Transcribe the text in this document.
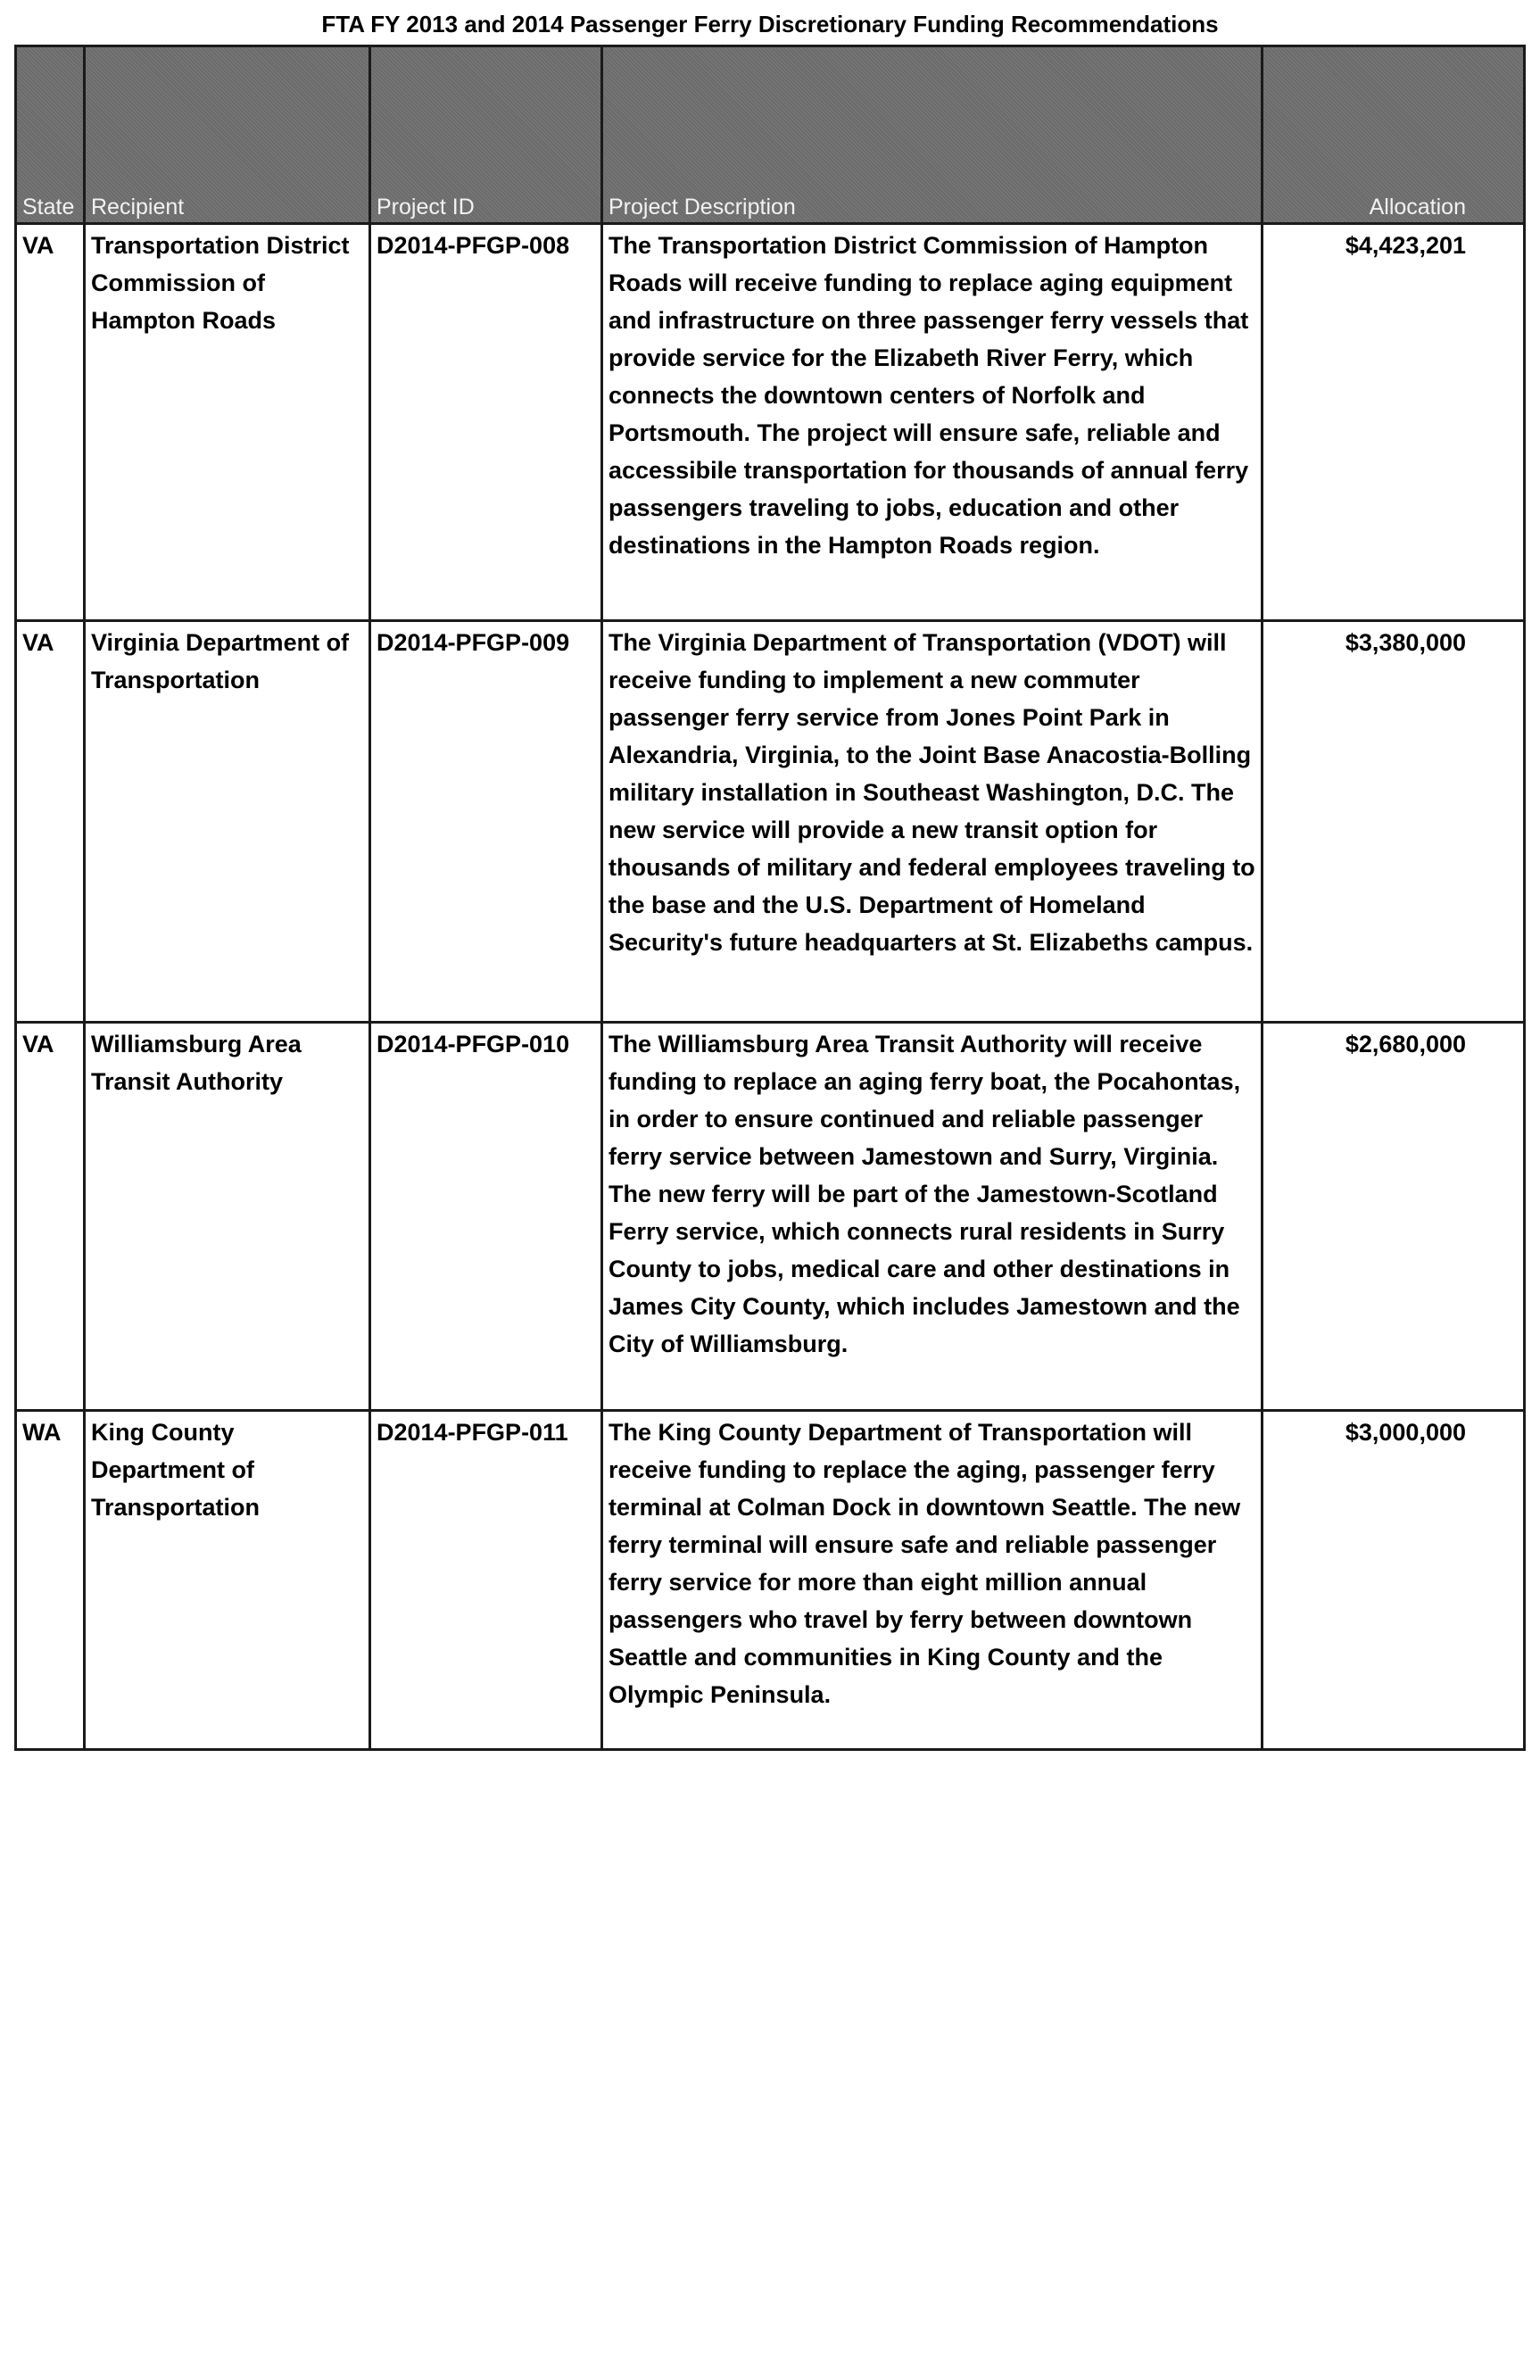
FTA FY 2013 and 2014 Passenger Ferry Discretionary Funding Recommendations
State	Recipient	Project ID	Project Description	Allocation
VA	Transportation District Commission of Hampton Roads	D2014-PFGP-008	The Transportation District Commission of Hampton Roads will receive funding to replace aging equipment and infrastructure on three passenger ferry vessels that provide service for the Elizabeth River Ferry, which connects the downtown centers of Norfolk and Portsmouth. The project will ensure safe, reliable and accessibile transportation for thousands of annual ferry passengers traveling to jobs, education and other destinations in the Hampton Roads region.	$4,423,201
VA	Virginia Department of Transportation	D2014-PFGP-009	The Virginia Department of Transportation (VDOT) will receive funding to implement a new commuter passenger ferry service from Jones Point Park in Alexandria, Virginia, to the Joint Base Anacostia-Bolling military installation in Southeast Washington, D.C. The new service will provide a new transit option for thousands of military and federal employees traveling to the base and the U.S. Department of Homeland Security's future headquarters at St. Elizabeths campus.	$3,380,000
VA	Williamsburg Area Transit Authority	D2014-PFGP-010	The Williamsburg Area Transit Authority will receive funding to replace an aging ferry boat, the Pocahontas, in order to ensure continued and reliable passenger ferry service between Jamestown and Surry, Virginia. The new ferry will be part of the Jamestown-Scotland Ferry service, which connects rural residents in Surry County to jobs, medical care and other destinations in James City County, which includes Jamestown and the City of Williamsburg.	$2,680,000
WA	King County Department of Transportation	D2014-PFGP-011	The King County Department of Transportation will receive funding to replace the aging, passenger ferry terminal at Colman Dock in downtown Seattle. The new ferry terminal will ensure safe and reliable passenger ferry service for more than eight million annual passengers who travel by ferry between downtown Seattle and communities in King County and the Olympic Peninsula.	$3,000,000
